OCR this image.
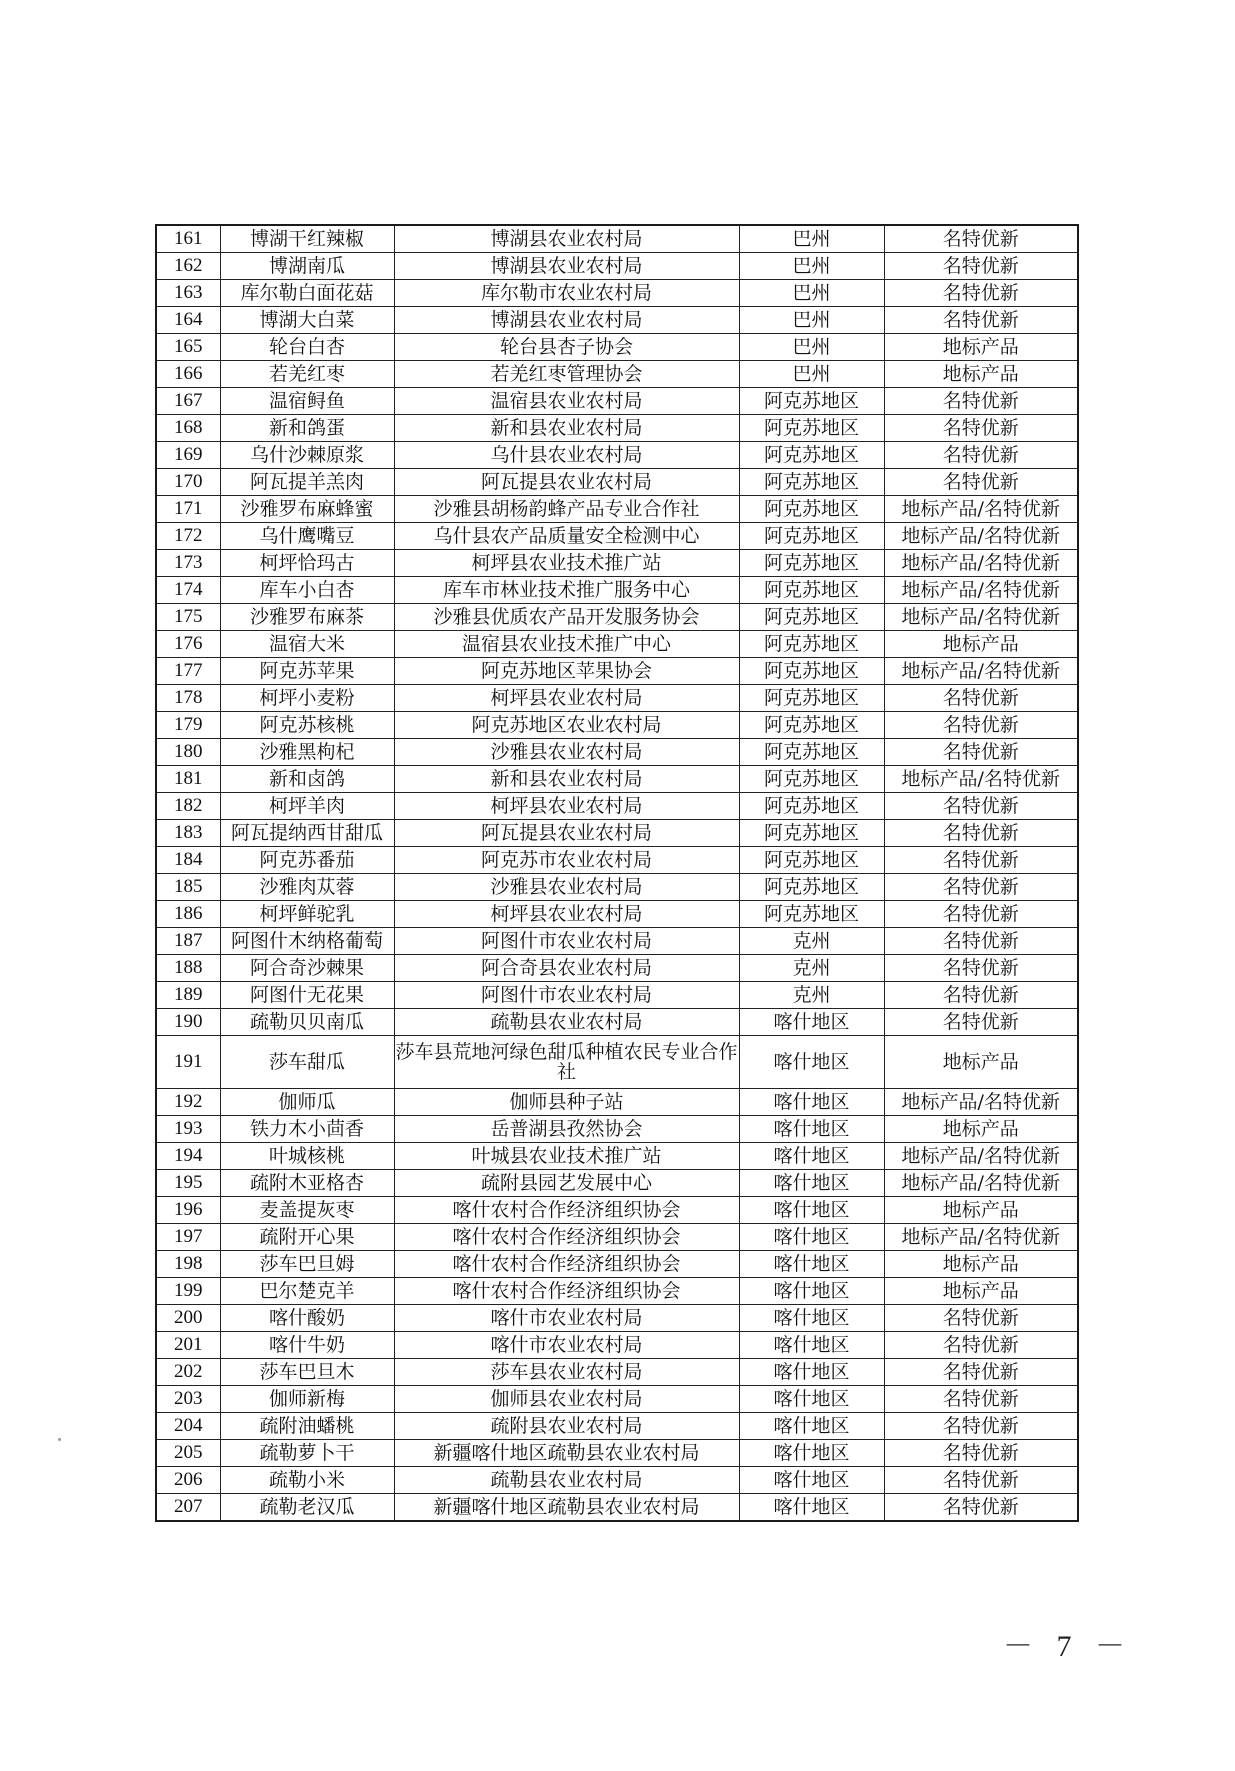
161	博湖干红辣椒	博湖县农业农村局	巴州	名特优新
162	博湖南瓜	博湖县农业农村局	巴州	名特优新
163	库尔勒白面花菇	库尔勒市农业农村局	巴州	名特优新
164	博湖大白菜	博湖县农业农村局	巴州	名特优新
165	轮台白杏	轮台县杏子协会	巴州	地标产品
166	若羌红枣	若羌红枣管理协会	巴州	地标产品
167	温宿鲟鱼	温宿县农业农村局	阿克苏地区	名特优新
168	新和鸽蛋	新和县农业农村局	阿克苏地区	名特优新
169	乌什沙棘原浆	乌什县农业农村局	阿克苏地区	名特优新
170	阿瓦提羊羔肉	阿瓦提县农业农村局	阿克苏地区	名特优新
171	沙雅罗布麻蜂蜜	沙雅县胡杨韵蜂产品专业合作社	阿克苏地区	地标产品/名特优新
172	乌什鹰嘴豆	乌什县农产品质量安全检测中心	阿克苏地区	地标产品/名特优新
173	柯坪恰玛古	柯坪县农业技术推广站	阿克苏地区	地标产品/名特优新
174	库车小白杏	库车市林业技术推广服务中心	阿克苏地区	地标产品/名特优新
175	沙雅罗布麻茶	沙雅县优质农产品开发服务协会	阿克苏地区	地标产品/名特优新
176	温宿大米	温宿县农业技术推广中心	阿克苏地区	地标产品
177	阿克苏苹果	阿克苏地区苹果协会	阿克苏地区	地标产品/名特优新
178	柯坪小麦粉	柯坪县农业农村局	阿克苏地区	名特优新
179	阿克苏核桃	阿克苏地区农业农村局	阿克苏地区	名特优新
180	沙雅黑枸杞	沙雅县农业农村局	阿克苏地区	名特优新
181	新和卤鸽	新和县农业农村局	阿克苏地区	地标产品/名特优新
182	柯坪羊肉	柯坪县农业农村局	阿克苏地区	名特优新
183	阿瓦提纳西甘甜瓜	阿瓦提县农业农村局	阿克苏地区	名特优新
184	阿克苏番茄	阿克苏市农业农村局	阿克苏地区	名特优新
185	沙雅肉苁蓉	沙雅县农业农村局	阿克苏地区	名特优新
186	柯坪鲜驼乳	柯坪县农业农村局	阿克苏地区	名特优新
187	阿图什木纳格葡萄	阿图什市农业农村局	克州	名特优新
188	阿合奇沙棘果	阿合奇县农业农村局	克州	名特优新
189	阿图什无花果	阿图什市农业农村局	克州	名特优新
190	疏勒贝贝南瓜	疏勒县农业农村局	喀什地区	名特优新
191	莎车甜瓜	莎车县荒地河绿色甜瓜种植农民专业合作社	喀什地区	地标产品
192	伽师瓜	伽师县种子站	喀什地区	地标产品/名特优新
193	铁力木小茴香	岳普湖县孜然协会	喀什地区	地标产品
194	叶城核桃	叶城县农业技术推广站	喀什地区	地标产品/名特优新
195	疏附木亚格杏	疏附县园艺发展中心	喀什地区	地标产品/名特优新
196	麦盖提灰枣	喀什农村合作经济组织协会	喀什地区	地标产品
197	疏附开心果	喀什农村合作经济组织协会	喀什地区	地标产品/名特优新
198	莎车巴旦姆	喀什农村合作经济组织协会	喀什地区	地标产品
199	巴尔楚克羊	喀什农村合作经济组织协会	喀什地区	地标产品
200	喀什酸奶	喀什市农业农村局	喀什地区	名特优新
201	喀什牛奶	喀什市农业农村局	喀什地区	名特优新
202	莎车巴旦木	莎车县农业农村局	喀什地区	名特优新
203	伽师新梅	伽师县农业农村局	喀什地区	名特优新
204	疏附油蟠桃	疏附县农业农村局	喀什地区	名特优新
205	疏勒萝卜干	新疆喀什地区疏勒县农业农村局	喀什地区	名特优新
206	疏勒小米	疏勒县农业农村局	喀什地区	名特优新
207	疏勒老汉瓜	新疆喀什地区疏勒县农业农村局	喀什地区	名特优新
－ 7 －
